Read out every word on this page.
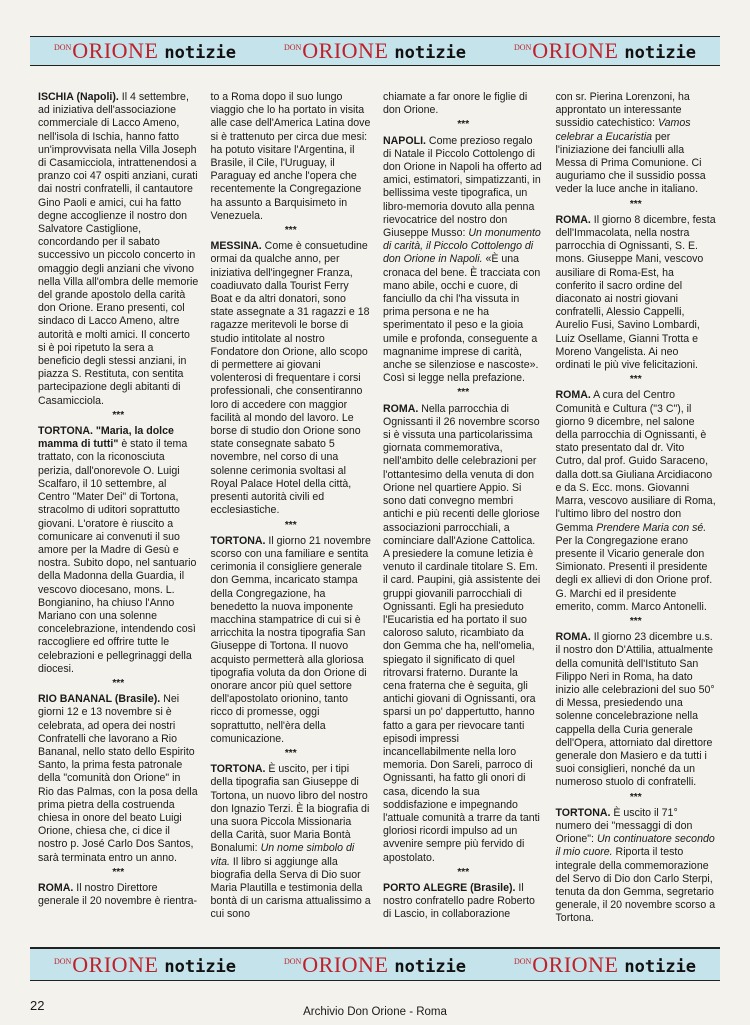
DON ORIONE notizie	DON ORIONE notizie	DON ORIONE notizie

ISCHIA (Napoli). Il 4 settembre, ad iniziativa dell'associazione commerciale di Lacco Ameno, nell'isola di Ischia, hanno fatto un'improvvisata nella Villa Joseph di Casamicciola, intrattenendosi a pranzo coi 47 ospiti anziani, curati dai nostri confratelli, il cantautore Gino Paoli e amici, cui ha fatto degne accoglienze il nostro don Salvatore Castiglione, concordando per il sabato successivo un piccolo concerto in omaggio degli anziani che vivono nella Villa all'ombra delle memorie del grande apostolo della carità don Orione. Erano presenti, col sindaco di Lacco Ameno, altre autorità e molti amici. Il concerto si è poi ripetuto la sera a beneficio degli stessi anziani, in piazza S. Restituta, con sentita partecipazione degli abitanti di Casamicciola.

***

TORTONA. "Maria, la dolce mamma di tutti" è stato il tema trattato, con la riconosciuta perizia, dall'onorevole O. Luigi Scalfaro, il 10 settembre, al Centro "Mater Dei" di Tortona, stracolmo di uditori soprattutto giovani. L'oratore è riuscito a comunicare ai convenuti il suo amore per la Madre di Gesù e nostra. Subito dopo, nel santuario della Madonna della Guardia, il vescovo diocesano, mons. L. Bongianino, ha chiuso l'Anno Mariano con una solenne concelebrazione, intendendo così raccogliere ed offrire tutte le celebrazioni e pellegrinaggi della diocesi.

***

RIO BANANAL (Brasile). Nei giorni 12 e 13 novembre si è celebrata, ad opera dei nostri Confratelli che lavorano a Rio Bananal, nello stato dello Espirito Santo, la prima festa patronale della "comunità don Orione" in Rio das Palmas, con la posa della prima pietra della costruenda chiesa in onore del beato Luigi Orione, chiesa che, ci dice il nostro p. José Carlo Dos Santos, sarà terminata entro un anno.

***

ROMA. Il nostro Direttore generale il 20 novembre è rientra-

to a Roma dopo il suo lungo viaggio che lo ha portato in visita alle case dell'America Latina dove si è trattenuto per circa due mesi: ha potuto visitare l'Argentina, il Brasile, il Cile, l'Uruguay, il Paraguay ed anche l'opera che recentemente la Congregazione ha assunto a Barquisimeto in Venezuela.

***

MESSINA. Come è consuetudine ormai da qualche anno, per iniziativa dell'ingegner Franza, coadiuvato dalla Tourist Ferry Boat e da altri donatori, sono state assegnate a 31 ragazzi e 18 ragazze meritevoli le borse di studio intitolate al nostro Fondatore don Orione, allo scopo di permettere ai giovani volenterosi di frequentare i corsi professionali, che consentiranno loro di accedere con maggior facilità al mondo del lavoro. Le borse di studio don Orione sono state consegnate sabato 5 novembre, nel corso di una solenne cerimonia svoltasi al Royal Palace Hotel della città, presenti autorità civili ed ecclesiastiche.

***

TORTONA. Il giorno 21 novembre scorso con una familiare e sentita cerimonia il consigliere generale don Gemma, incaricato stampa della Congregazione, ha benedetto la nuova imponente macchina stampatrice di cui si è arricchita la nostra tipografia San Giuseppe di Tortona. Il nuovo acquisto permetterà alla gloriosa tipografia voluta da don Orione di onorare ancor più quel settore dell'apostolato orionino, tanto ricco di promesse, oggi soprattutto, nell'èra della comunicazione.

***

TORTONA. È uscito, per i tipi della tipografia san Giuseppe di Tortona, un nuovo libro del nostro don Ignazio Terzi. È la biografia di una suora Piccola Missionaria della Carità, suor Maria Bontà Bonalumi: Un nome simbolo di vita. Il libro si aggiunge alla biografia della Serva di Dio suor Maria Plautilla e testimonia della bontà di un carisma attualissimo a cui sono

chiamate a far onore le figlie di don Orione.

***

NAPOLI. Come prezioso regalo di Natale il Piccolo Cottolengo di don Orione in Napoli ha offerto ad amici, estimatori, simpatizzanti, in bellissima veste tipografica, un libro-memoria dovuto alla penna rievocatrice del nostro don Giuseppe Musso: Un monumento di carità, il Piccolo Cottolengo di don Orione in Napoli. «È una cronaca del bene. È tracciata con mano abile, occhi e cuore, di fanciullo da chi l'ha vissuta in prima persona e ne ha sperimentato il peso e la gioia umile e profonda, conseguente a magnanime imprese di carità, anche se silenziose e nascoste». Così si legge nella prefazione.

***

ROMA. Nella parrocchia di Ognissanti il 26 novembre scorso si è vissuta una particolarissima giornata commemorativa, nell'ambito delle celebrazioni per l'ottantesimo della venuta di don Orione nel quartiere Appio. Si sono dati convegno membri antichi e più recenti delle gloriose associazioni parrocchiali, a cominciare dall'Azione Cattolica. A presiedere la comune letizia è venuto il cardinale titolare S. Em. il card. Paupini, già assistente dei gruppi giovanili parrocchiali di Ognissanti. Egli ha presieduto l'Eucaristia ed ha portato il suo caloroso saluto, ricambiato da don Gemma che ha, nell'omelia, spiegato il significato di quel ritrovarsi fraterno. Durante la cena fraterna che è seguita, gli antichi giovani di Ognissanti, ora sparsi un po' dappertutto, hanno fatto a gara per rievocare tanti episodi impressi incancellabilmente nella loro memoria. Don Sareli, parroco di Ognissanti, ha fatto gli onori di casa, dicendo la sua soddisfazione e impegnando l'attuale comunità a trarre da tanti gloriosi ricordi impulso ad un avvenire sempre più fervido di apostolato.

***

PORTO ALEGRE (Brasile). Il nostro confratello padre Roberto di Lascio, in collaborazione

con sr. Pierina Lorenzoni, ha approntato un interessante sussidio catechistico: Vamos celebrar a Eucaristia per l'iniziazione dei fanciulli alla Messa di Prima Comunione. Ci auguriamo che il sussidio possa veder la luce anche in italiano.

***

ROMA. Il giorno 8 dicembre, festa dell'Immacolata, nella nostra parrocchia di Ognissanti, S. E. mons. Giuseppe Mani, vescovo ausiliare di Roma-Est, ha conferito il sacro ordine del diaconato ai nostri giovani confratelli, Alessio Cappelli, Aurelio Fusi, Savino Lombardi, Luiz Osellame, Gianni Trotta e Moreno Vangelista. Ai neo ordinati le più vive felicitazioni.

***

ROMA. A cura del Centro Comunità e Cultura ("3 C"), il giorno 9 dicembre, nel salone della parrocchia di Ognissanti, è stato presentato dal dr. Vito Cutro, dal prof. Guido Saraceno, dalla dott.sa Giuliana Arcidiacono e da S. Ecc. mons. Giovanni Marra, vescovo ausiliare di Roma, l'ultimo libro del nostro don Gemma Prendere Maria con sé. Per la Congregazione erano presente il Vicario generale don Simionato. Presenti il presidente degli ex allievi di don Orione prof. G. Marchi ed il presidente emerito, comm. Marco Antonelli.

***

ROMA. Il giorno 23 dicembre u.s. il nostro don D'Attilia, attualmente della comunità dell'Istituto San Filippo Neri in Roma, ha dato inizio alle celebrazioni del suo 50° di Messa, presiedendo una solenne concelebrazione nella cappella della Curia generale dell'Opera, attorniato dal direttore generale don Masiero e da tutti i suoi consiglieri, nonché da un numeroso stuolo di confratelli.

***

TORTONA. È uscito il 71° numero dei "messaggi di don Orione": Un continuatore secondo il mio cuore. Riporta il testo integrale della commemorazione del Servo di Dio don Carlo Sterpi, tenuta da don Gemma, segretario generale, il 20 novembre scorso a Tortona.

DON ORIONE notizie	DON ORIONE notizie	DON ORIONE notizie
22	Archivio Don Orione - Roma
